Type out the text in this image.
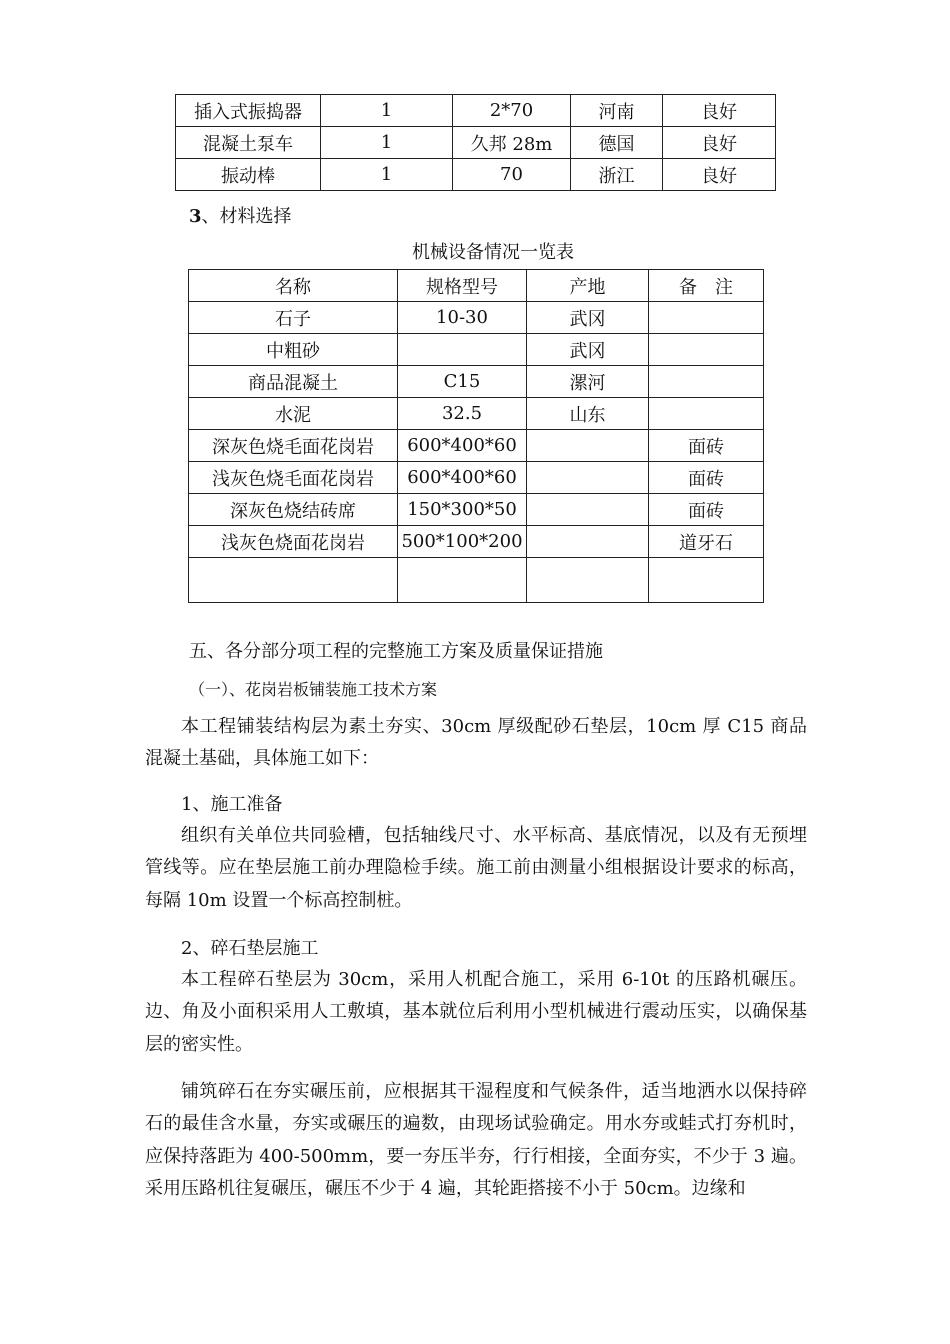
插入式振捣器	1	2*70	河南	良好
混凝土泵车	1	久邦 28m	德国	良好
振动棒	1	70	浙江	良好
3、材料选择
机械设备情况一览表
名称	规格型号	产地	备　注
石子	10-30	武冈	
中粗砂		武冈	
商品混凝土	C15	漯河	
水泥	32.5	山东	
深灰色烧毛面花岗岩	600*400*60		面砖
浅灰色烧毛面花岗岩	600*400*60		面砖
深灰色烧结砖席	150*300*50		面砖
浅灰色烧面花岗岩	500*100*200		道牙石

五、各分部分项工程的完整施工方案及质量保证措施
（一）、花岗岩板铺装施工技术方案
本工程铺装结构层为素土夯实、30cm 厚级配砂石垫层，10cm 厚 C15 商品混凝土基础，具体施工如下：
1、施工准备
组织有关单位共同验槽，包括轴线尺寸、水平标高、基底情况，以及有无预埋管线等。应在垫层施工前办理隐检手续。施工前由测量小组根据设计要求的标高，每隔 10m 设置一个标高控制桩。
2、碎石垫层施工
本工程碎石垫层为 30cm，采用人机配合施工，采用 6-10t 的压路机碾压。边、角及小面积采用人工敷填，基本就位后利用小型机械进行震动压实，以确保基层的密实性。
铺筑碎石在夯实碾压前，应根据其干湿程度和气候条件，适当地洒水以保持碎石的最佳含水量，夯实或碾压的遍数，由现场试验确定。用水夯或蛙式打夯机时，应保持落距为 400-500mm，要一夯压半夯，行行相接，全面夯实，不少于 3 遍。采用压路机往复碾压，碾压不少于 4 遍，其轮距搭接不小于 50cm。边缘和
